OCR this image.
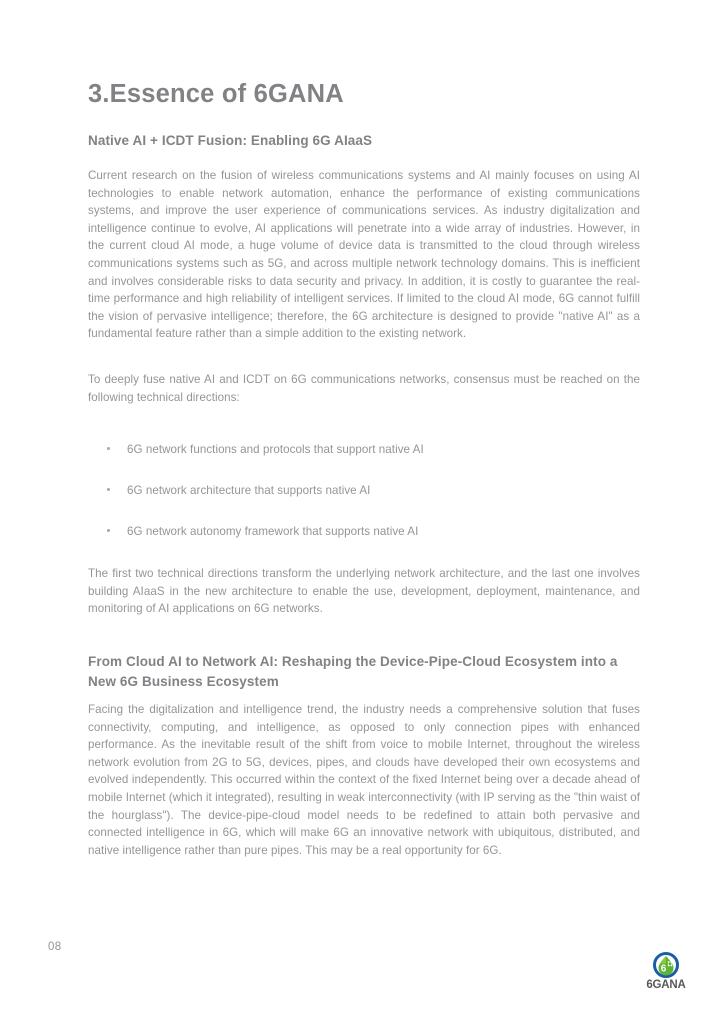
3.Essence of 6GANA
Native AI + ICDT Fusion: Enabling 6G AIaaS

Current research on the fusion of wireless communications systems and AI mainly focuses on using AI technologies to enable network automation, enhance the performance of existing communications systems, and improve the user experience of communications services. As industry digitalization and intelligence continue to evolve, AI applications will penetrate into a wide array of industries. However, in the current cloud AI mode, a huge volume of device data is transmitted to the cloud through wireless communications systems such as 5G, and across multiple network technology domains. This is inefficient and involves considerable risks to data security and privacy. In addition, it is costly to guarantee the real-time performance and high reliability of intelligent services. If limited to the cloud AI mode, 6G cannot fulfill the vision of pervasive intelligence; therefore, the 6G architecture is designed to provide "native AI" as a fundamental feature rather than a simple addition to the existing network.

To deeply fuse native AI and ICDT on 6G communications networks, consensus must be reached on the following technical directions:

6G network functions and protocols that support native AI
6G network architecture that supports native AI
6G network autonomy framework that supports native AI

The first two technical directions transform the underlying network architecture, and the last one involves building AIaaS in the new architecture to enable the use, development, deployment, maintenance, and monitoring of AI applications on 6G networks.

From Cloud AI to Network AI: Reshaping the Device-Pipe-Cloud Ecosystem into a New 6G Business Ecosystem

Facing the digitalization and intelligence trend, the industry needs a comprehensive solution that fuses connectivity, computing, and intelligence, as opposed to only connection pipes with enhanced performance. As the inevitable result of the shift from voice to mobile Internet, throughout the wireless network evolution from 2G to 5G, devices, pipes, and clouds have developed their own ecosystems and evolved independently. This occurred within the context of the fixed Internet being over a decade ahead of mobile Internet (which it integrated), resulting in weak interconnectivity (with IP serving as the "thin waist of the hourglass"). The device-pipe-cloud model needs to be redefined to attain both pervasive and connected intelligence in 6G, which will make 6G an innovative network with ubiquitous, distributed, and native intelligence rather than pure pipes. This may be a real opportunity for 6G.

08
6
6GANA
